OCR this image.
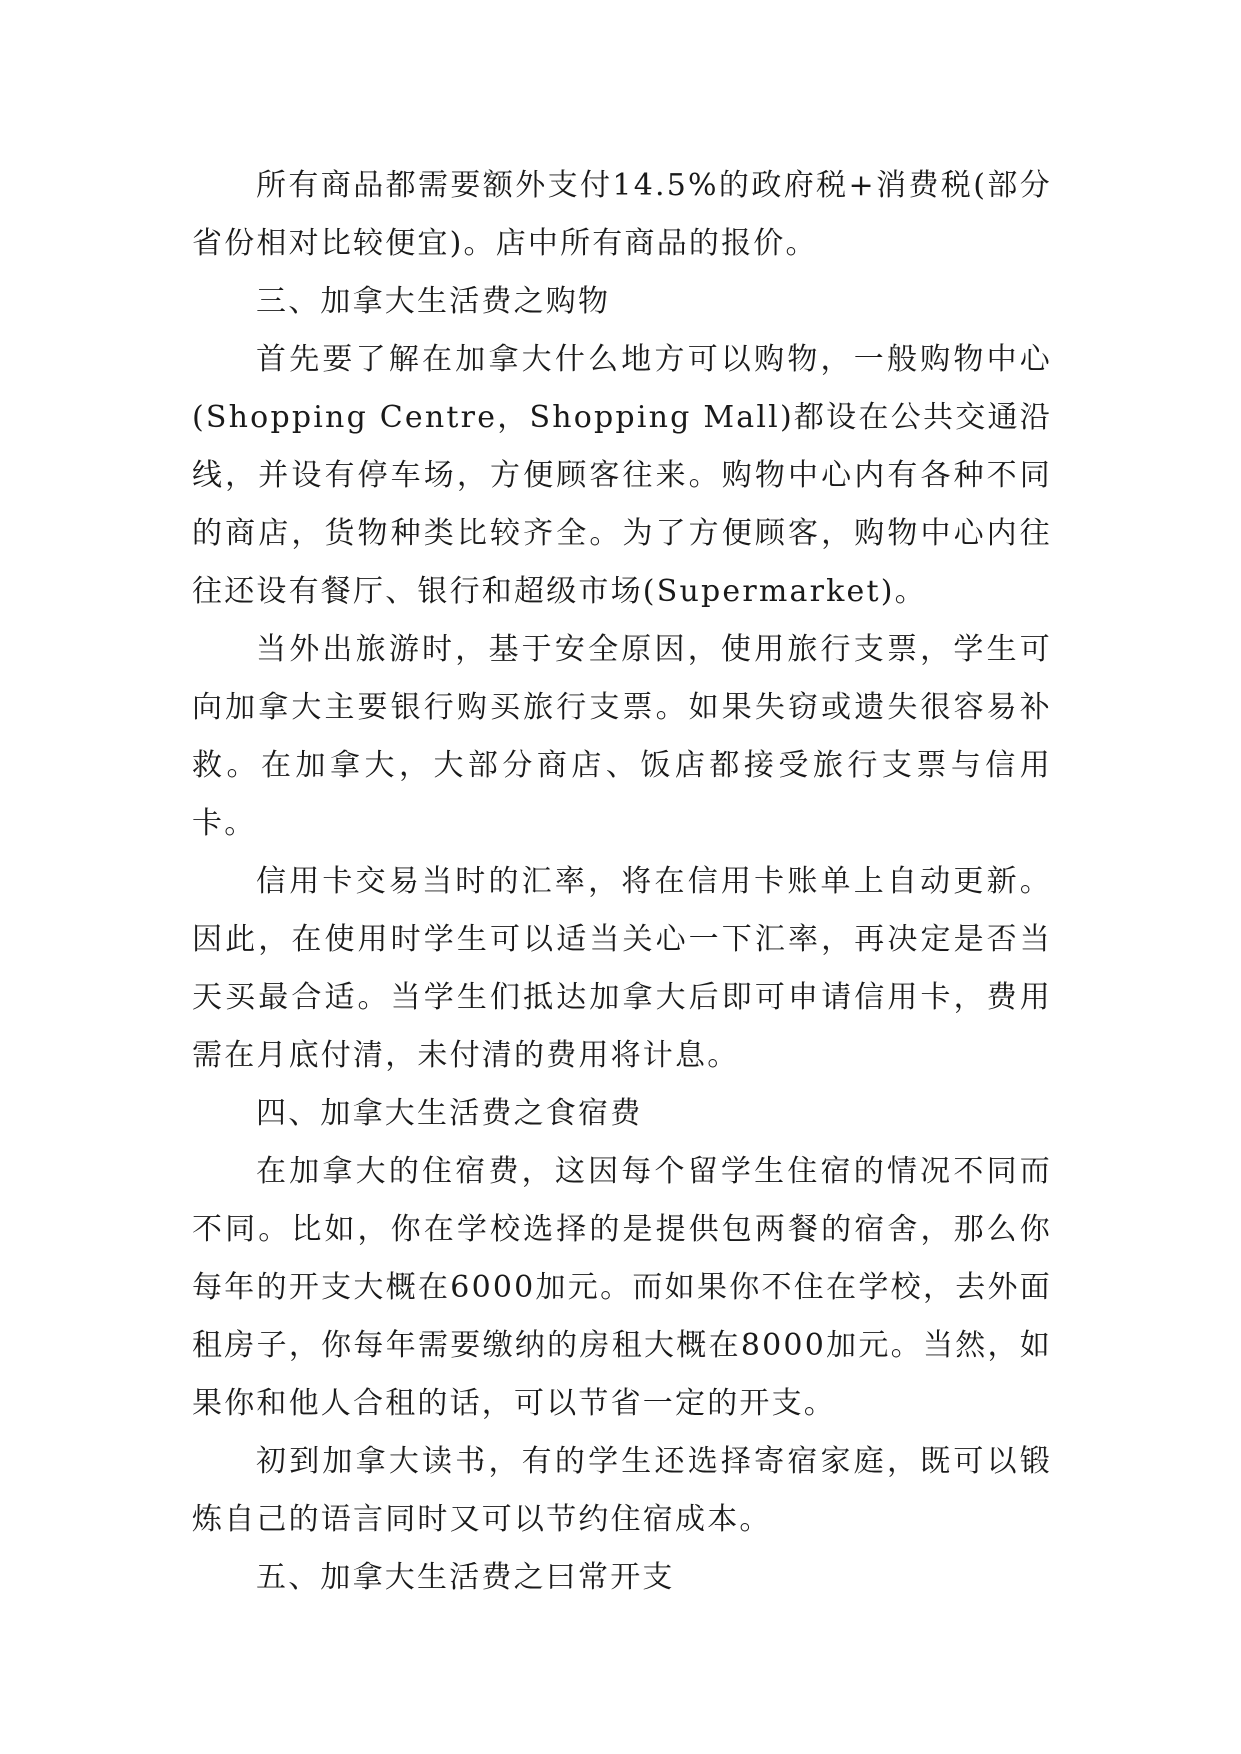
所有商品都需要额外支付14.5%的政府税+消费税(部分省份相对比较便宜)。店中所有商品的报价。

三、加拿大生活费之购物

首先要了解在加拿大什么地方可以购物，一般购物中心(Shopping Centre，Shopping Mall)都设在公共交通沿线，并设有停车场，方便顾客往来。购物中心内有各种不同的商店，货物种类比较齐全。为了方便顾客，购物中心内往往还设有餐厅、银行和超级市场(Supermarket)。

当外出旅游时，基于安全原因，使用旅行支票，学生可向加拿大主要银行购买旅行支票。如果失窃或遗失很容易补救。在加拿大，大部分商店、饭店都接受旅行支票与信用卡。

信用卡交易当时的汇率，将在信用卡账单上自动更新。因此，在使用时学生可以适当关心一下汇率，再决定是否当天买最合适。当学生们抵达加拿大后即可申请信用卡，费用需在月底付清，未付清的费用将计息。

四、加拿大生活费之食宿费

在加拿大的住宿费，这因每个留学生住宿的情况不同而不同。比如，你在学校选择的是提供包两餐的宿舍，那么你每年的开支大概在6000加元。而如果你不住在学校，去外面租房子，你每年需要缴纳的房租大概在8000加元。当然，如果你和他人合租的话，可以节省一定的开支。

初到加拿大读书，有的学生还选择寄宿家庭，既可以锻炼自己的语言同时又可以节约住宿成本。

五、加拿大生活费之曰常开支
